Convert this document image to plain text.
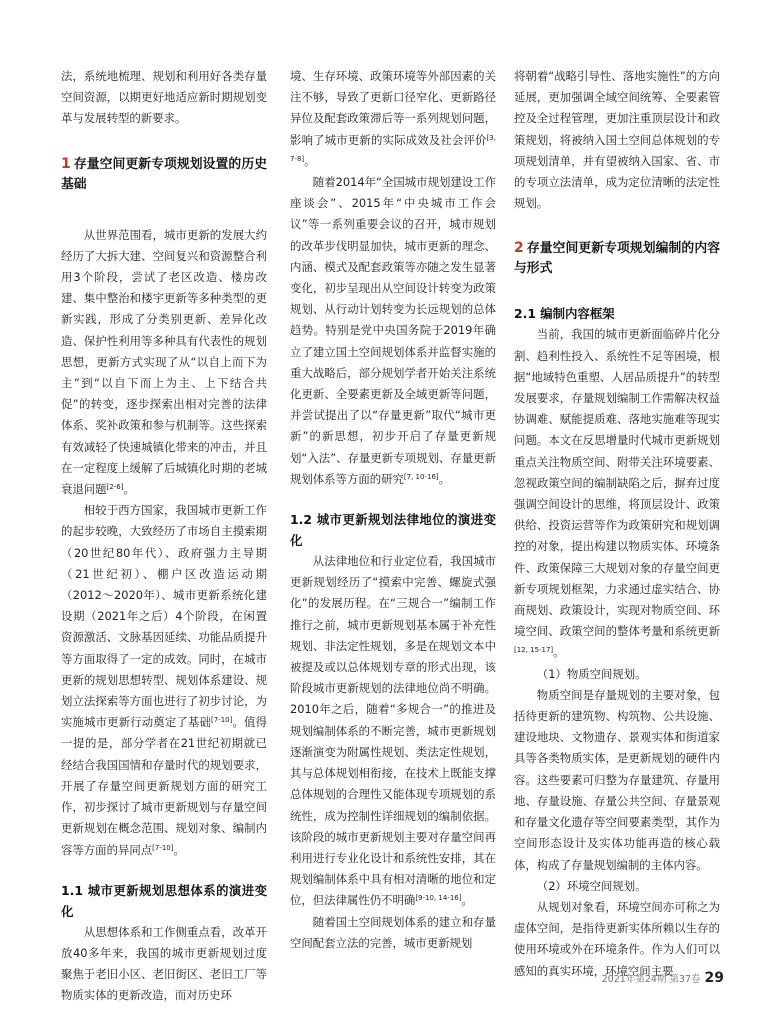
法，系统地梳理、规划和利用好各类存量空间资源，以期更好地适应新时期规划变革与发展转型的新要求。

1 存量空间更新专项规划设置的历史基础

从世界范围看，城市更新的发展大约经历了大拆大建、空间复兴和资源整合利用3个阶段，尝试了老区改造、楼房改建、集中整治和楼宇更新等多种类型的更新实践，形成了分类别更新、差异化改造、保护性利用等多种具有代表性的规划思想，更新方式实现了从“以自上而下为主”到“以自下而上为主、上下结合共促”的转变，逐步探索出相对完善的法律体系、奖补政策和参与机制等。这些探索有效减轻了快速城镇化带来的冲击，并且在一定程度上缓解了后城镇化时期的老城衰退问题[2-6]。

相较于西方国家，我国城市更新工作的起步较晚，大致经历了市场自主摸索期（20世纪80年代）、政府强力主导期（21世纪初）、棚户区改造运动期（2012～2020年）、城市更新系统化建设期（2021年之后）4个阶段，在闲置资源激活、文脉基因延续、功能品质提升等方面取得了一定的成效。同时，在城市更新的规划思想转型、规划体系建设、规划立法探索等方面也进行了初步讨论，为实施城市更新行动奠定了基础[7-10]。值得一提的是，部分学者在21世纪初期就已经结合我国国情和存量时代的规划要求，开展了存量空间更新规划方面的研究工作，初步探讨了城市更新规划与存量空间更新规划在概念范围、规划对象、编制内容等方面的异同点[7-10]。

1.1 城市更新规划思想体系的演进变化

从思想体系和工作侧重点看，改革开放40多年来，我国的城市更新规划过度聚焦于老旧小区、老旧街区、老旧工厂等物质实体的更新改造，而对历史环

境、生存环境、政策环境等外部因素的关注不够，导致了更新口径窄化、更新路径异位及配套政策滞后等一系列规划问题，影响了城市更新的实际成效及社会评价[3, 7-8]。

随着2014年“全国城市规划建设工作座谈会”、2015年“中央城市工作会议”等一系列重要会议的召开，城市规划的改革步伐明显加快，城市更新的理念、内涵、模式及配套政策等亦随之发生显著变化，初步呈现出从空间设计转变为政策规划、从行动计划转变为长远规划的总体趋势。特别是党中央国务院于2019年确立了建立国土空间规划体系并监督实施的重大战略后，部分规划学者开始关注系统化更新、全要素更新及全域更新等问题，并尝试提出了以“存量更新”取代“城市更新”的新思想，初步开启了存量更新规划“入法”、存量更新专项规划、存量更新规划体系等方面的研究[7, 10-16]。

1.2 城市更新规划法律地位的演进变化

从法律地位和行业定位看，我国城市更新规划经历了“摸索中完善、螺旋式强化”的发展历程。在“三规合一”编制工作推行之前，城市更新规划基本属于补充性规划、非法定性规划，多是在规划文本中被提及或以总体规划专章的形式出现，该阶段城市更新规划的法律地位尚不明确。2010年之后，随着“多规合一”的推进及规划编制体系的不断完善，城市更新规划逐渐演变为附属性规划、类法定性规划，其与总体规划相衔接，在技术上既能支撑总体规划的合理性又能体现专项规划的系统性，成为控制性详细规划的编制依据。该阶段的城市更新规划主要对存量空间再利用进行专业化设计和系统性安排，其在规划编制体系中具有相对清晰的地位和定位，但法律属性仍不明确[9-10, 14-16]。

随着国土空间规划体系的建立和存量空间配套立法的完善，城市更新规划

将朝着“战略引导性、落地实施性”的方向延展，更加强调全域空间统筹、全要素管控及全过程管理，更加注重顶层设计和政策规划，将被纳入国土空间总体规划的专项规划清单，并有望被纳入国家、省、市的专项立法清单，成为定位清晰的法定性规划。

2 存量空间更新专项规划编制的内容与形式
2.1 编制内容框架

当前，我国的城市更新面临碎片化分割、趋利性投入、系统性不足等困境，根据“地域特色重塑、人居品质提升”的转型发展要求，存量规划编制工作需解决权益协调难、赋能提质难、落地实施难等现实问题。本文在反思增量时代城市更新规划重点关注物质空间、附带关注环境要素、忽视政策空间的编制缺陷之后，摒弃过度强调空间设计的思维，将顶层设计、政策供给、投资运营等作为政策研究和规划调控的对象，提出构建以物质实体、环境条件、政策保障三大规划对象的存量空间更新专项规划框架，力求通过虚实结合、协商规划、政策设计，实现对物质空间、环境空间、政策空间的整体考量和系统更新[12, 15-17]。

（1）物质空间规划。

物质空间是存量规划的主要对象，包括待更新的建筑物、构筑物、公共设施、建设地块、文物遗存、景观实体和街道家具等各类物质实体，是更新规划的硬件内容。这些要素可归整为存量建筑、存量用地、存量设施、存量公共空间、存量景观和存量文化遗存等空间要素类型，其作为空间形态设计及实体功能再造的核心载体，构成了存量规划编制的主体内容。

（2）环境空间规划。

从规划对象看，环境空间亦可称之为虚体空间，是指待更新实体所赖以生存的使用环境或外在环境条件。作为人们可以感知的真实环境，环境空间主要

2021年第24期 第37卷 29
